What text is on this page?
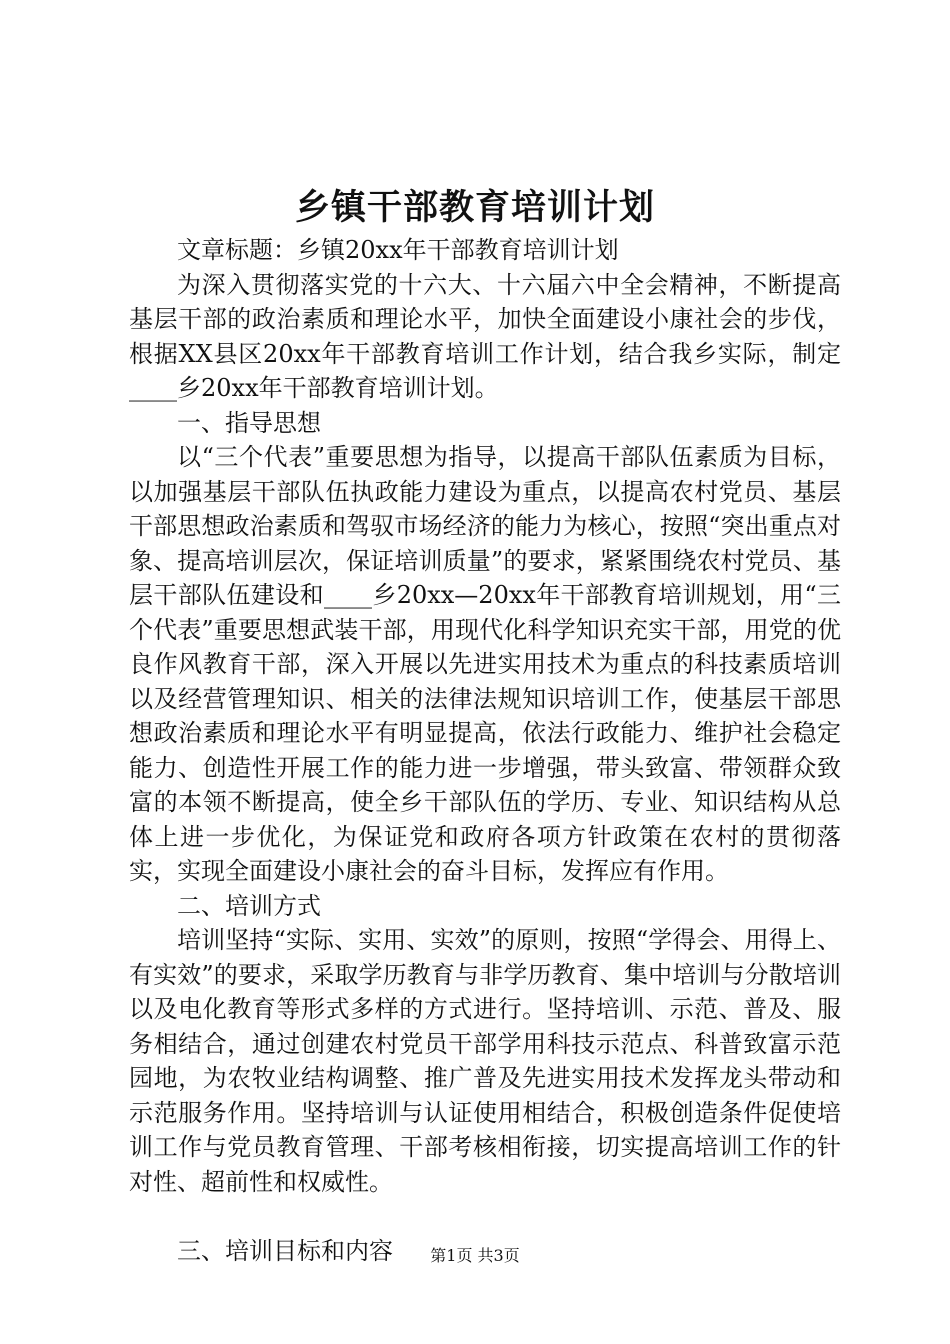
乡镇干部教育培训计划

文章标题：乡镇20xx年干部教育培训计划

为深入贯彻落实党的十六大、十六届六中全会精神，不断提高基层干部的政治素质和理论水平，加快全面建设小康社会的步伐，根据XX县区20xx年干部教育培训工作计划，结合我乡实际，制定____乡20xx年干部教育培训计划。

一、指导思想

以“三个代表”重要思想为指导，以提高干部队伍素质为目标，以加强基层干部队伍执政能力建设为重点，以提高农村党员、基层干部思想政治素质和驾驭市场经济的能力为核心，按照“突出重点对象、提高培训层次，保证培训质量”的要求，紧紧围绕农村党员、基层干部队伍建设和____乡20xx—20xx年干部教育培训规划，用“三个代表”重要思想武装干部，用现代化科学知识充实干部，用党的优良作风教育干部，深入开展以先进实用技术为重点的科技素质培训以及经营管理知识、相关的法律法规知识培训工作，使基层干部思想政治素质和理论水平有明显提高，依法行政能力、维护社会稳定能力、创造性开展工作的能力进一步增强，带头致富、带领群众致富的本领不断提高，使全乡干部队伍的学历、专业、知识结构从总体上进一步优化，为保证党和政府各项方针政策在农村的贯彻落实，实现全面建设小康社会的奋斗目标，发挥应有作用。

二、培训方式

培训坚持“实际、实用、实效”的原则，按照“学得会、用得上、有实效”的要求，采取学历教育与非学历教育、集中培训与分散培训以及电化教育等形式多样的方式进行。坚持培训、示范、普及、服务相结合，通过创建农村党员干部学用科技示范点、科普致富示范园地，为农牧业结构调整、推广普及先进实用技术发挥龙头带动和示范服务作用。坚持培训与认证使用相结合，积极创造条件促使培训工作与党员教育管理、干部考核相衔接，切实提高培训工作的针对性、超前性和权威性。

三、培训目标和内容	第1页 共3页
